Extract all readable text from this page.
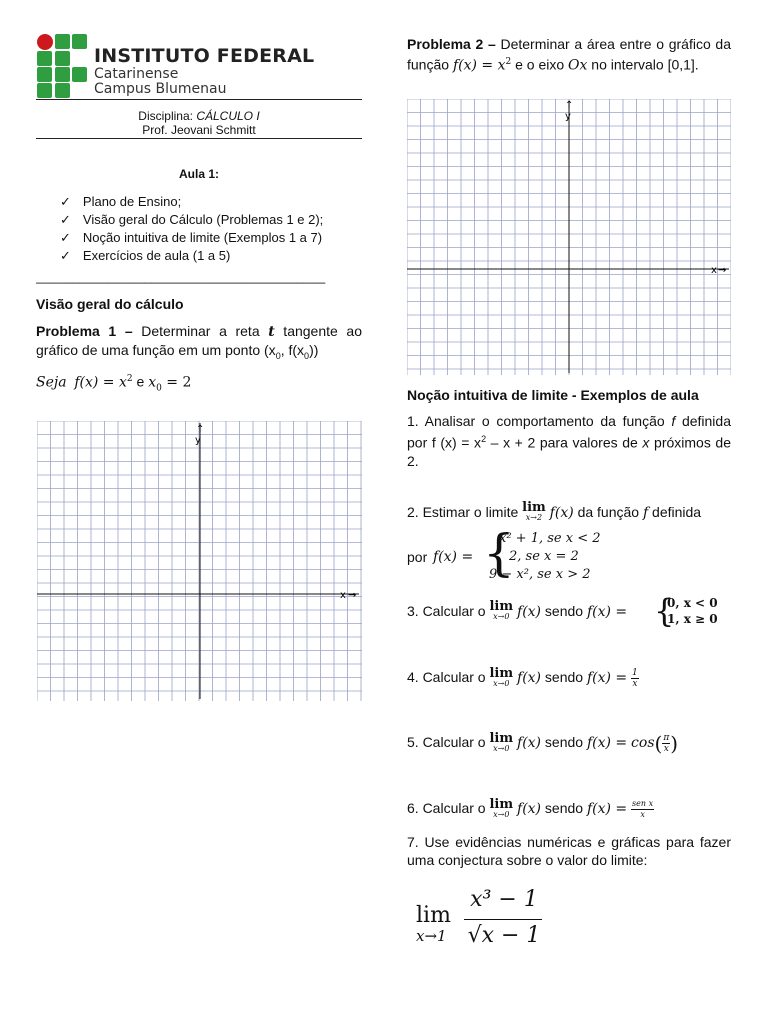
INSTITUTO FEDERAL
Catarinense
Campus Blumenau
Disciplina: CÁLCULO I
Prof. Jeovani Schmitt
Aula 1:
✓ Plano de Ensino;
✓ Visão geral do Cálculo (Problemas 1 e 2);
✓ Noção intuitiva de limite (Exemplos 1 a 7)
✓ Exercícios de aula (1 a 5)
________________________________________
Visão geral do cálculo
Problema 1 – Determinar a reta t tangente ao gráfico de uma função em um ponto ($x_0$, $f(x_0)$)
Seja $f(x) = x^2$ e $x_0 = 2$
x →
y
↑
Problema 2 – Determinar a área entre o gráfico da função $f(x) = x^2$ e o eixo Ox no intervalo [0,1].
x →
y
↑
Noção intuitiva de limite - Exemplos de aula
1. Analisar o comportamento da função f definida por f $(x) = x^2 - x + 2$ para valores de x próximos de 2.
2. Estimar o limite lim
x→2 f(x) da função f definida
por f(x) = {
x² + 1, se x < 2
2, se x = 2
9 − x², se x > 2
3. Calcular o lim
x→0 f(x) sendo f(x) = {
0, x < 0
1, x ≥ 0
4. Calcular o lim
x→0 f(x) sendo $f(x) = \frac{1}{x}$
5. Calcular o lim
x→0 f(x) sendo $f(x) = \cos( \frac{\pi}{x}$ )
6. Calcular o lim
x→0 f(x) sendo $f(x) = \frac{\text{sen x}}{x}$
7. Use evidências numéricas e gráficas para fazer uma conjectura sobre o valor do limite:
lim
x→1
x³ − 1
√x − 1
